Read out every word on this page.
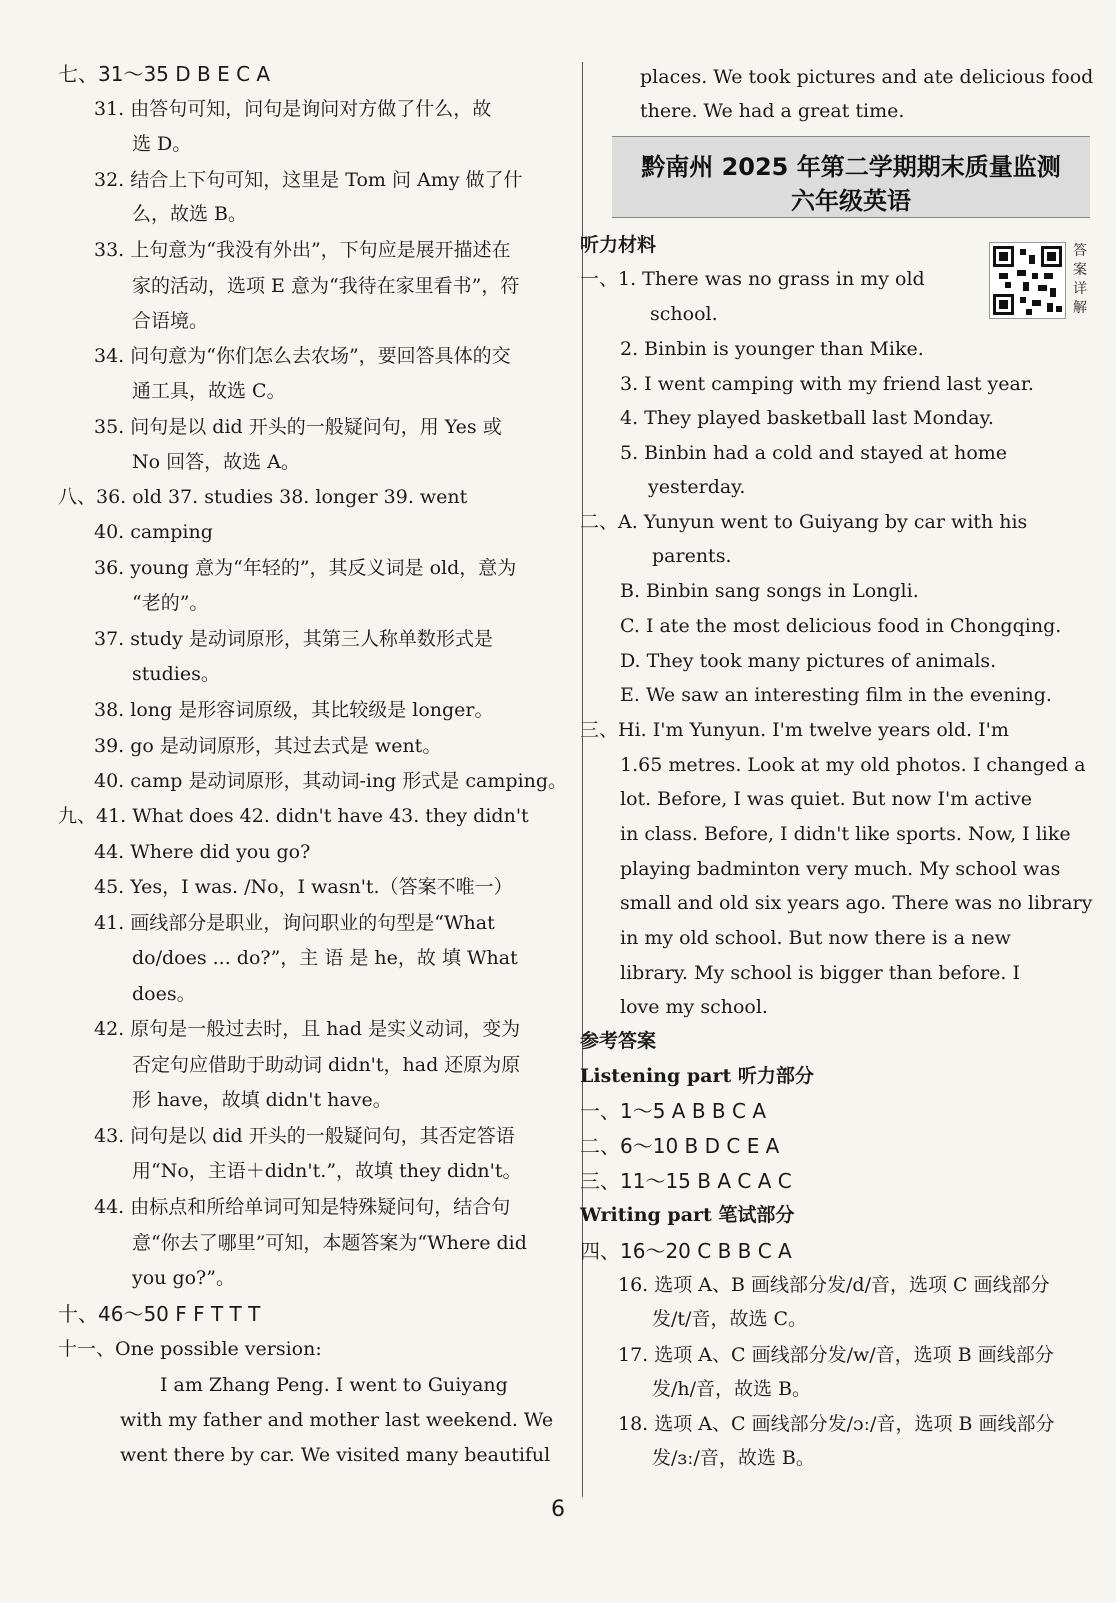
七、31～35 D B E C A
31. 由答句可知，问句是询问对方做了什么，故
选 D。
32. 结合上下句可知，这里是 Tom 问 Amy 做了什
么，故选 B。
33. 上句意为“我没有外出”，下句应是展开描述在
家的活动，选项 E 意为“我待在家里看书”，符
合语境。
34. 问句意为“你们怎么去农场”，要回答具体的交
通工具，故选 C。
35. 问句是以 did 开头的一般疑问句，用 Yes 或
No 回答，故选 A。
八、36. old 37. studies 38. longer 39. went
40. camping
36. young 意为“年轻的”，其反义词是 old，意为
“老的”。
37. study 是动词原形，其第三人称单数形式是
studies。
38. long 是形容词原级，其比较级是 longer。
39. go 是动词原形，其过去式是 went。
40. camp 是动词原形，其动词-ing 形式是 camping。
九、41. What does 42. didn't have 43. they didn't
44. Where did you go?
45. Yes，I was. /No，I wasn't.（答案不唯一）
41. 画线部分是职业，询问职业的句型是“What
do/does ... do?”，主 语 是 he，故 填 What
does。
42. 原句是一般过去时，且 had 是实义动词，变为
否定句应借助于助动词 didn't，had 还原为原
形 have，故填 didn't have。
43. 问句是以 did 开头的一般疑问句，其否定答语
用“No，主语＋didn't.”，故填 they didn't。
44. 由标点和所给单词可知是特殊疑问句，结合句
意“你去了哪里”可知，本题答案为“Where did
you go?”。
十、46～50 F F T T T
十一、One possible version:
I am Zhang Peng. I went to Guiyang
with my father and mother last weekend. We
went there by car. We visited many beautiful
places. We took pictures and ate delicious food
there. We had a great time.
黔南州 2025 年第二学期期末质量监测
六年级英语
答
案
详
解
听力材料
一、1. There was no grass in my old
school.
2. Binbin is younger than Mike.
3. I went camping with my friend last year.
4. They played basketball last Monday.
5. Binbin had a cold and stayed at home
yesterday.
二、A. Yunyun went to Guiyang by car with his
parents.
B. Binbin sang songs in Longli.
C. I ate the most delicious food in Chongqing.
D. They took many pictures of animals.
E. We saw an interesting film in the evening.
三、Hi. I'm Yunyun. I'm twelve years old. I'm
1.65 metres. Look at my old photos. I changed a
lot. Before, I was quiet. But now I'm active
in class. Before, I didn't like sports. Now, I like
playing badminton very much. My school was
small and old six years ago. There was no library
in my old school. But now there is a new
library. My school is bigger than before. I
love my school.
参考答案
Listening part 听力部分
一、1～5 A B B C A
二、6～10 B D C E A
三、11～15 B A C A C
Writing part 笔试部分
四、16～20 C B B C A
16. 选项 A、B 画线部分发/d/音，选项 C 画线部分
发/t/音，故选 C。
17. 选项 A、C 画线部分发/w/音，选项 B 画线部分
发/h/音，故选 B。
18. 选项 A、C 画线部分发/ɔː/音，选项 B 画线部分
发/ɜː/音，故选 B。
6
